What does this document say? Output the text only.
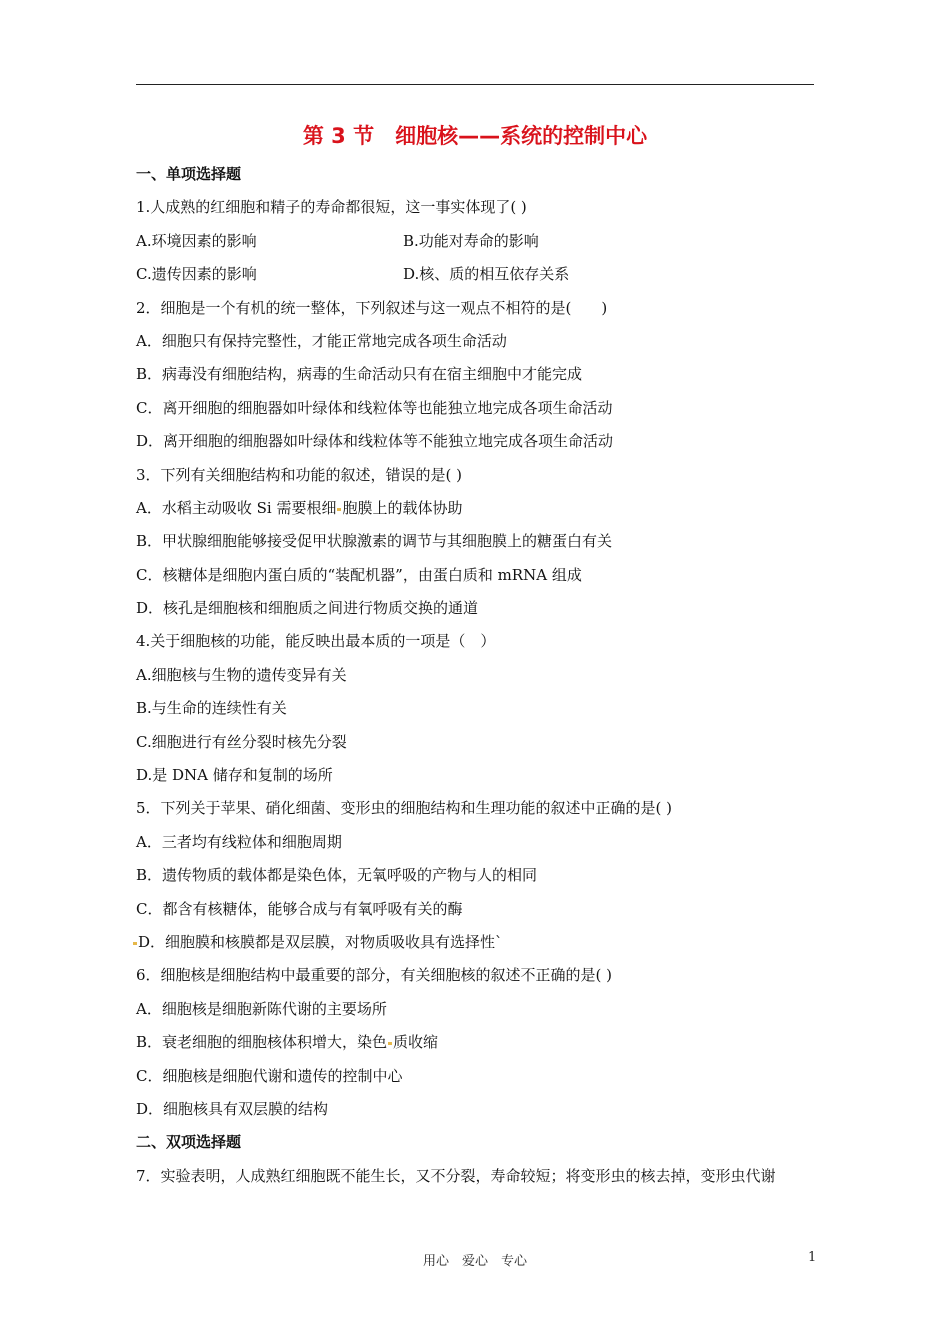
第 3 节　细胞核——系统的控制中心
一、单项选择题
1.人成熟的红细胞和精子的寿命都很短，这一事实体现了( )
A.环境因素的影响	B.功能对寿命的影响
C.遗传因素的影响	D.核、质的相互依存关系
2．细胞是一个有机的统一整体，下列叙述与这一观点不相符的是(　　)
A．细胞只有保持完整性，才能正常地完成各项生命活动
B．病毒没有细胞结构，病毒的生命活动只有在宿主细胞中才能完成
C．离开细胞的细胞器如叶绿体和线粒体等也能独立地完成各项生命活动
D．离开细胞的细胞器如叶绿体和线粒体等不能独立地完成各项生命活动
3．下列有关细胞结构和功能的叙述，错误的是( )
A．水稻主动吸收 Si 需要根细 胞膜上的载体协助
B．甲状腺细胞能够接受促甲状腺激素的调节与其细胞膜上的糖蛋白有关
C．核糖体是细胞内蛋白质的“装配机器”，由蛋白质和 mRNA 组成
D．核孔是细胞核和细胞质之间进行物质交换的通道
4.关于细胞核的功能，能反映出最本质的一项是（　）
A.细胞核与生物的遗传变异有关
B.与生命的连续性有关
C.细胞进行有丝分裂时核先分裂
D.是 DNA 储存和复制的场所
5．下列关于苹果、硝化细菌、变形虫的细胞结构和生理功能的叙述中正确的是( )
A．三者均有线粒体和细胞周期
B．遗传物质的载体都是染色体，无氧呼吸的产物与人的相同
C．都含有核糖体，能够合成与有氧呼吸有关的酶
D．细胞膜和核膜都是双层膜，对物质吸收具有选择性`
6．细胞核是细胞结构中最重要的部分，有关细胞核的叙述不正确的是( )
A．细胞核是细胞新陈代谢的主要场所
B．衰老细胞的细胞核体积增大，染色 质收缩
C．细胞核是细胞代谢和遗传的控制中心
D．细胞核具有双层膜的结构
二、双项选择题
7．实验表明，人成熟红细胞既不能生长，又不分裂，寿命较短；将变形虫的核去掉，变形虫代谢
用心　爱心　专心	1
